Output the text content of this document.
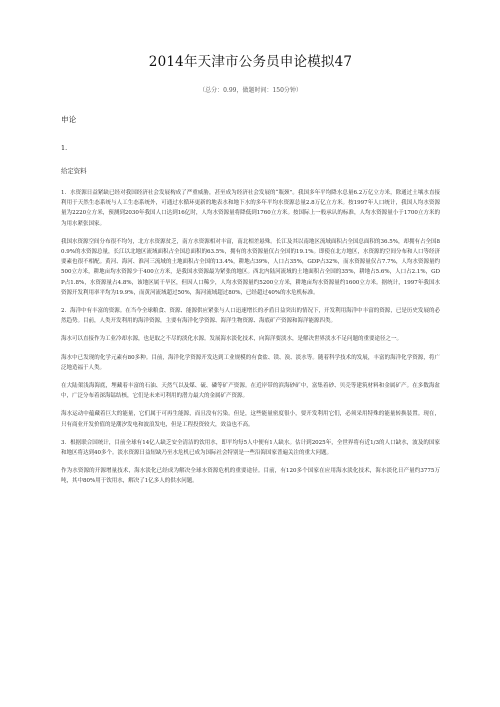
2014年天津市公务员申论模拟47
（总分：0.99，做题时间：150分钟）
申论
1.
给定资料

1．水资源日益紧缺已经对我国经济社会发展构成了严重威胁，甚至成为经济社会发展的“瓶颈”。我国多年平均降水总量6.2万亿立方米，除通过土壤水直接利用于天然生态系统与人工生态系统外，可通过水循环更新的地表水和地下水的多年平均水资源总量2.8万亿立方米。按1997年人口统计，我国人均水资源量为2220立方米，预测到2030年我国人口达到16亿时，人均水资源量将降低到1760立方米。按国际上一般承认的标准，人均水资源量小于1700立方米的为用水紧张国家。

我国水资源空间分布很不均匀，北方水资源贫乏，南方水资源相对丰富，南北相差悬殊。长江及其以南地区流域面积占全国总面积的36.5%，却拥有占全国80.9%的水资源总量，长江以北地区流域面积占全国总面积的63.5%，拥有的水资源量仅占全国的19.1%。即使在北方地区，水资源的空间分布和人口等经济要素也很不相配。黄河、海河、淮河三流域的土地面积占全国的13.4%，耕地占39%，人口占35%，GDP占32%，而水资源量仅占7.7%，人均水资源量约500立方米，耕地亩均水资源少于400立方米，是我国水资源最为紧张的地区。西北内陆河流域的土地面积占全国的35%，耕地占5.6%，人口占2.1%，GDP占1.8%，水资源量占4.8%，该地区属干旱区，但因人口稀少，人均水资源量约5200立方米，耕地亩均水资源量约1600立方米。据统计，1997年我国水资源开发利用率平均为19.9%，而黄河流域超过50%，海河流域超过80%，已经超过40%的水危机标准。

2．海洋中有丰富的资源。在当今全球粮食、资源、能源供应紧张与人口迅速增长的矛盾日益突出的情况下，开发利用海洋中丰富的资源，已是历史发展的必然趋势。目前，人类开发利用的海洋资源，主要有海洋化学资源、海洋生物资源、海底矿产资源和海洋能源四类。

海水可以直接作为工业冷却水源，也是取之不尽的淡化水源。发展海水淡化技术，向海洋要淡水，是解决世界淡水不足问题的重要途径之一。

海水中已发现的化学元素有80多种。目前，海洋化学资源开发达到工业规模的有食盐、镁、溴、淡水等。随着科学技术的发展，丰富的海洋化学资源，将广泛地造福于人类。

在大陆架浅海海底，埋藏着丰富的石油、天然气以及煤、硫、磷等矿产资源。在近岸带的滨海砂矿中，富集着砂、贝壳等建筑材料和金属矿产。在多数海盆中，广泛分布着深海锰结核，它们是未来可利用的潜力最大的金属矿产资源。

海水运动中蕴藏着巨大的能量，它们属于可再生能源，而且没有污染。但是，这些能量密度很小，要开发利用它们，必须采用特殊的能量转换装置。现在，只有商业开发价值的是潮汐发电和波浪发电，但是工程投资较大，效益也不高。

3．根据联合国统计，目前全球有14亿人缺乏安全清洁的饮用水，即平均每5人中便有1人缺水。估计到2025年，全世界将有近1/3的人口缺水，波及的国家和地区将达到40多个。淡水资源日益短缺乃至水危机已成为国际社会特别是一些沿海国家普遍关注的重大问题。

作为水资源的开源增量技术，海水淡化已经成为解决全球水资源危机的重要途径。目前，有120多个国家在应用海水淡化技术，海水淡化日产量约3775万吨，其中80%用于饮用水，解决了1亿多人的供水问题。
